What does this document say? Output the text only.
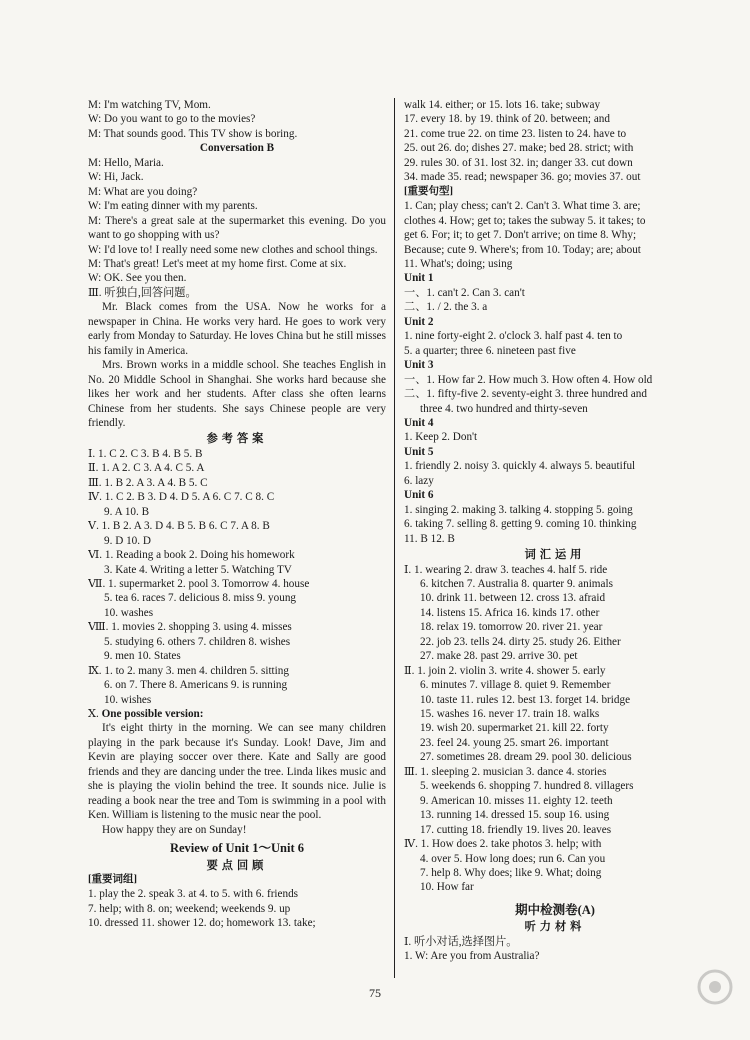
M: I'm watching TV, Mom.
W: Do you want to go to the movies?
M: That sounds good. This TV show is boring.
Conversation B
M: Hello, Maria.
W: Hi, Jack.
M: What are you doing?
W: I'm eating dinner with my parents.
M: There's a great sale at the supermarket this evening. Do you want to go shopping with us?
W: I'd love to! I really need some new clothes and school things.
M: That's great! Let's meet at my home first. Come at six.
W: OK. See you then.
Ⅲ. 听独白,回答问题。
Mr. Black comes from the USA. Now he works for a newspaper in China. He works very hard. He goes to work very early from Monday to Saturday. He loves China but he still misses his family in America.
Mrs. Brown works in a middle school. She teaches English in No. 20 Middle School in Shanghai. She works hard because she likes her work and her students. After class she often learns Chinese from her students. She says Chinese people are very friendly.
参考答案
Ⅰ. 1. C 2. C 3. B 4. B 5. B
Ⅱ. 1. A 2. C 3. A 4. C 5. A
Ⅲ. 1. B 2. A 3. A 4. B 5. C
Ⅳ. 1. C 2. B 3. D 4. D 5. A 6. C 7. C 8. C
9. A 10. B
Ⅴ. 1. B 2. A 3. D 4. B 5. B 6. C 7. A 8. B
9. D 10. D
Ⅵ. 1. Reading a book 2. Doing his homework
3. Kate 4. Writing a letter 5. Watching TV
Ⅶ. 1. supermarket 2. pool 3. Tomorrow 4. house
5. tea 6. races 7. delicious 8. miss 9. young
10. washes
Ⅷ. 1. movies 2. shopping 3. using 4. misses
5. studying 6. others 7. children 8. wishes
9. men 10. States
Ⅸ. 1. to 2. many 3. men 4. children 5. sitting
6. on 7. There 8. Americans 9. is running
10. wishes
Ⅹ. One possible version:
It's eight thirty in the morning. We can see many children playing in the park because it's Sunday. Look! Dave, Jim and Kevin are playing soccer over there. Kate and Sally are good friends and they are dancing under the tree. Linda likes music and she is playing the violin behind the tree. It sounds nice. Julie is reading a book near the tree and Tom is swimming in a pool with Ken. William is listening to the music near the pool.
How happy they are on Sunday!
Review of Unit 1～Unit 6
要点回顾
[重要词组]
1. play the 2. speak 3. at 4. to 5. with 6. friends
7. help; with 8. on; weekend; weekends 9. up
10. dressed 11. shower 12. do; homework 13. take;
walk 14. either; or 15. lots 16. take; subway
17. every 18. by 19. think of 20. between; and
21. come true 22. on time 23. listen to 24. have to
25. out 26. do; dishes 27. make; bed 28. strict; with
29. rules 30. of 31. lost 32. in; danger 33. cut down
34. made 35. read; newspaper 36. go; movies 37. out
[重要句型]
1. Can; play chess; can't 2. Can't 3. What time 3. are;
clothes 4. How; get to; takes the subway 5. it takes; to
get 6. For; it; to get 7. Don't arrive; on time 8. Why;
Because; cute 9. Where's; from 10. Today; are; about
11. What's; doing; using
Unit 1
一、1. can't 2. Can 3. can't
二、1. / 2. the 3. a
Unit 2
1. nine forty-eight 2. o'clock 3. half past 4. ten to
5. a quarter; three 6. nineteen past five
Unit 3
一、1. How far 2. How much 3. How often 4. How old
二、1. fifty-five 2. seventy-eight 3. three hundred and
three 4. two hundred and thirty-seven
Unit 4
1. Keep 2. Don't
Unit 5
1. friendly 2. noisy 3. quickly 4. always 5. beautiful
6. lazy
Unit 6
1. singing 2. making 3. talking 4. stopping 5. going
6. taking 7. selling 8. getting 9. coming 10. thinking
11. B 12. B
词汇运用
Ⅰ. 1. wearing 2. draw 3. teaches 4. half 5. ride
6. kitchen 7. Australia 8. quarter 9. animals
10. drink 11. between 12. cross 13. afraid
14. listens 15. Africa 16. kinds 17. other
18. relax 19. tomorrow 20. river 21. year
22. job 23. tells 24. dirty 25. study 26. Either
27. make 28. past 29. arrive 30. pet
Ⅱ. 1. join 2. violin 3. write 4. shower 5. early
6. minutes 7. village 8. quiet 9. Remember
10. taste 11. rules 12. best 13. forget 14. bridge
15. washes 16. never 17. train 18. walks
19. wish 20. supermarket 21. kill 22. forty
23. feel 24. young 25. smart 26. important
27. sometimes 28. dream 29. pool 30. delicious
Ⅲ. 1. sleeping 2. musician 3. dance 4. stories
5. weekends 6. shopping 7. hundred 8. villagers
9. American 10. misses 11. eighty 12. teeth
13. running 14. dressed 15. soup 16. using
17. cutting 18. friendly 19. lives 20. leaves
Ⅳ. 1. How does 2. take photos 3. help; with
4. over 5. How long does; run 6. Can you
7. help 8. Why does; like 9. What; doing
10. How far
期中检测卷(A)
听力材料
Ⅰ. 听小对话,选择图片。
1. W: Are you from Australia?
75
